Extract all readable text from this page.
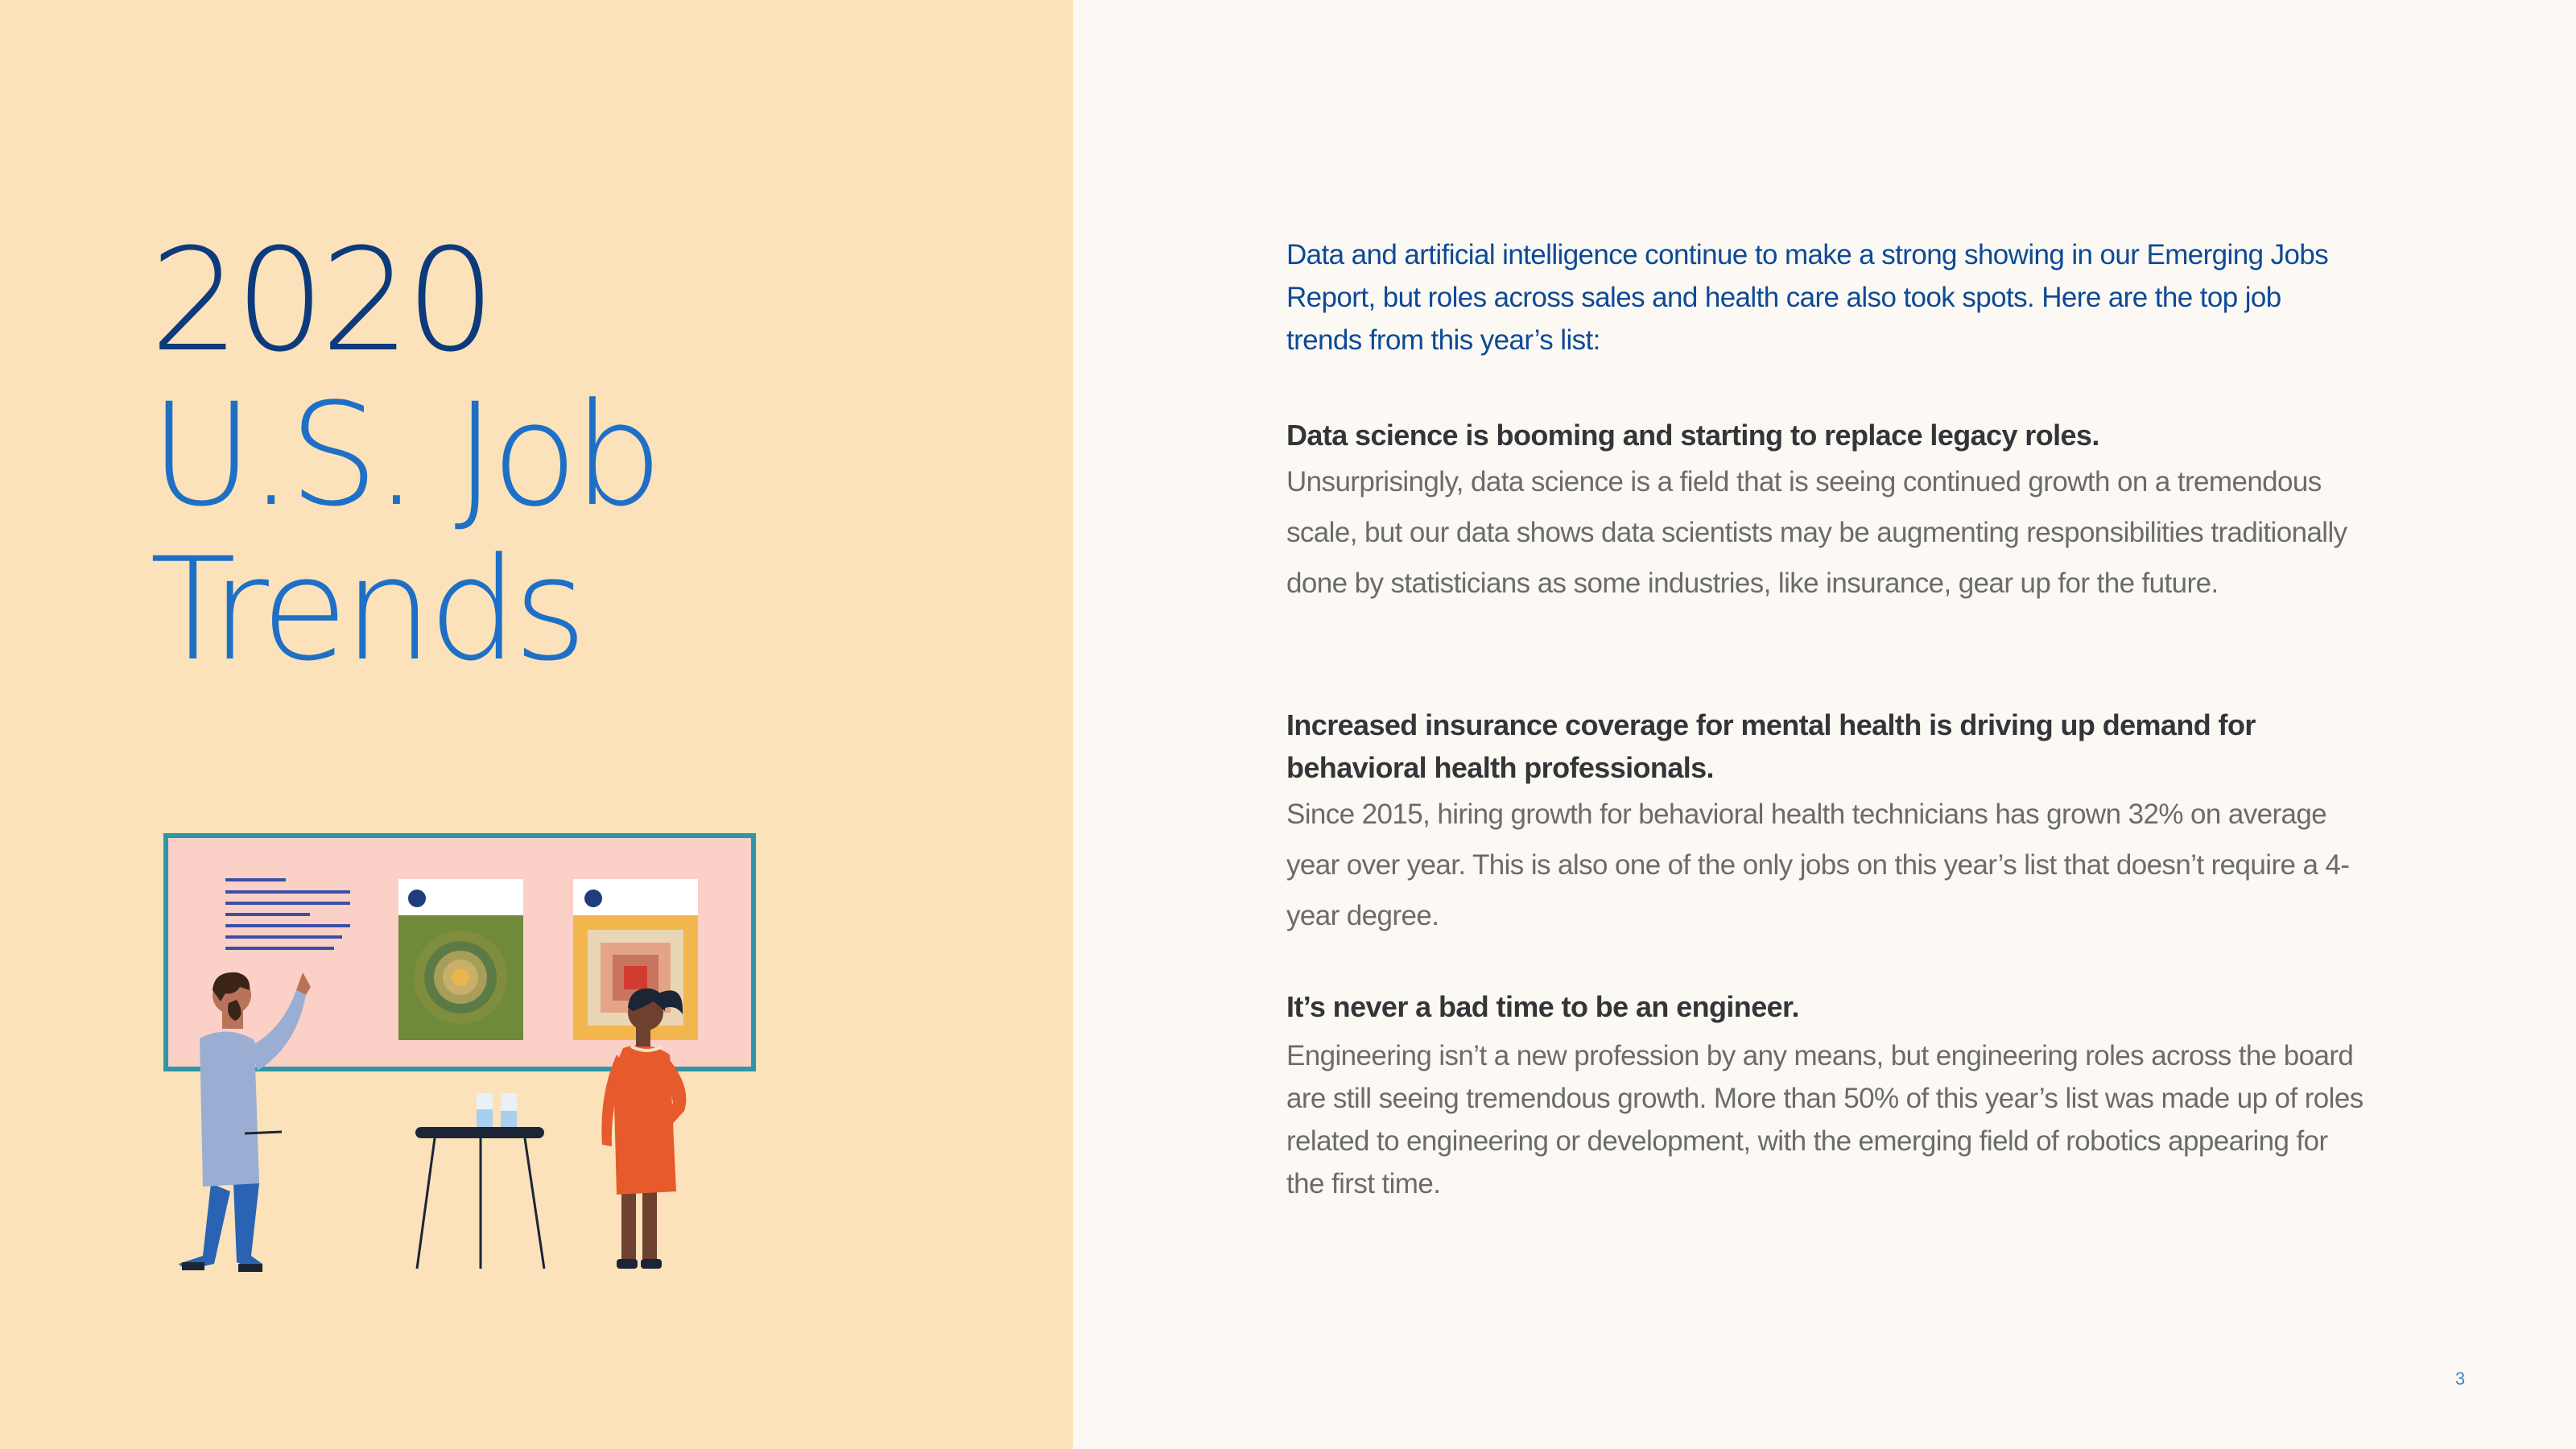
2020
U.S. Job
Trends

Data and artificial intelligence continue to make a strong showing in our Emerging Jobs Report, but roles across sales and health care also took spots. Here are the top job trends from this year’s list:

Data science is booming and starting to replace legacy roles.

Unsurprisingly, data science is a field that is seeing continued growth on a tremendous scale, but our data shows data scientists may be augmenting responsibilities traditionally done by statisticians as some industries, like insurance, gear up for the future.

Increased insurance coverage for mental health is driving up demand for behavioral health professionals.

Since 2015, hiring growth for behavioral health technicians has grown 32% on average year over year. This is also one of the only jobs on this year’s list that doesn’t require a 4-year degree.

It’s never a bad time to be an engineer.

Engineering isn’t a new profession by any means, but engineering roles across the board are still seeing tremendous growth. More than 50% of this year’s list was made up of roles related to engineering or development, with the emerging field of robotics appearing for the first time.

3
